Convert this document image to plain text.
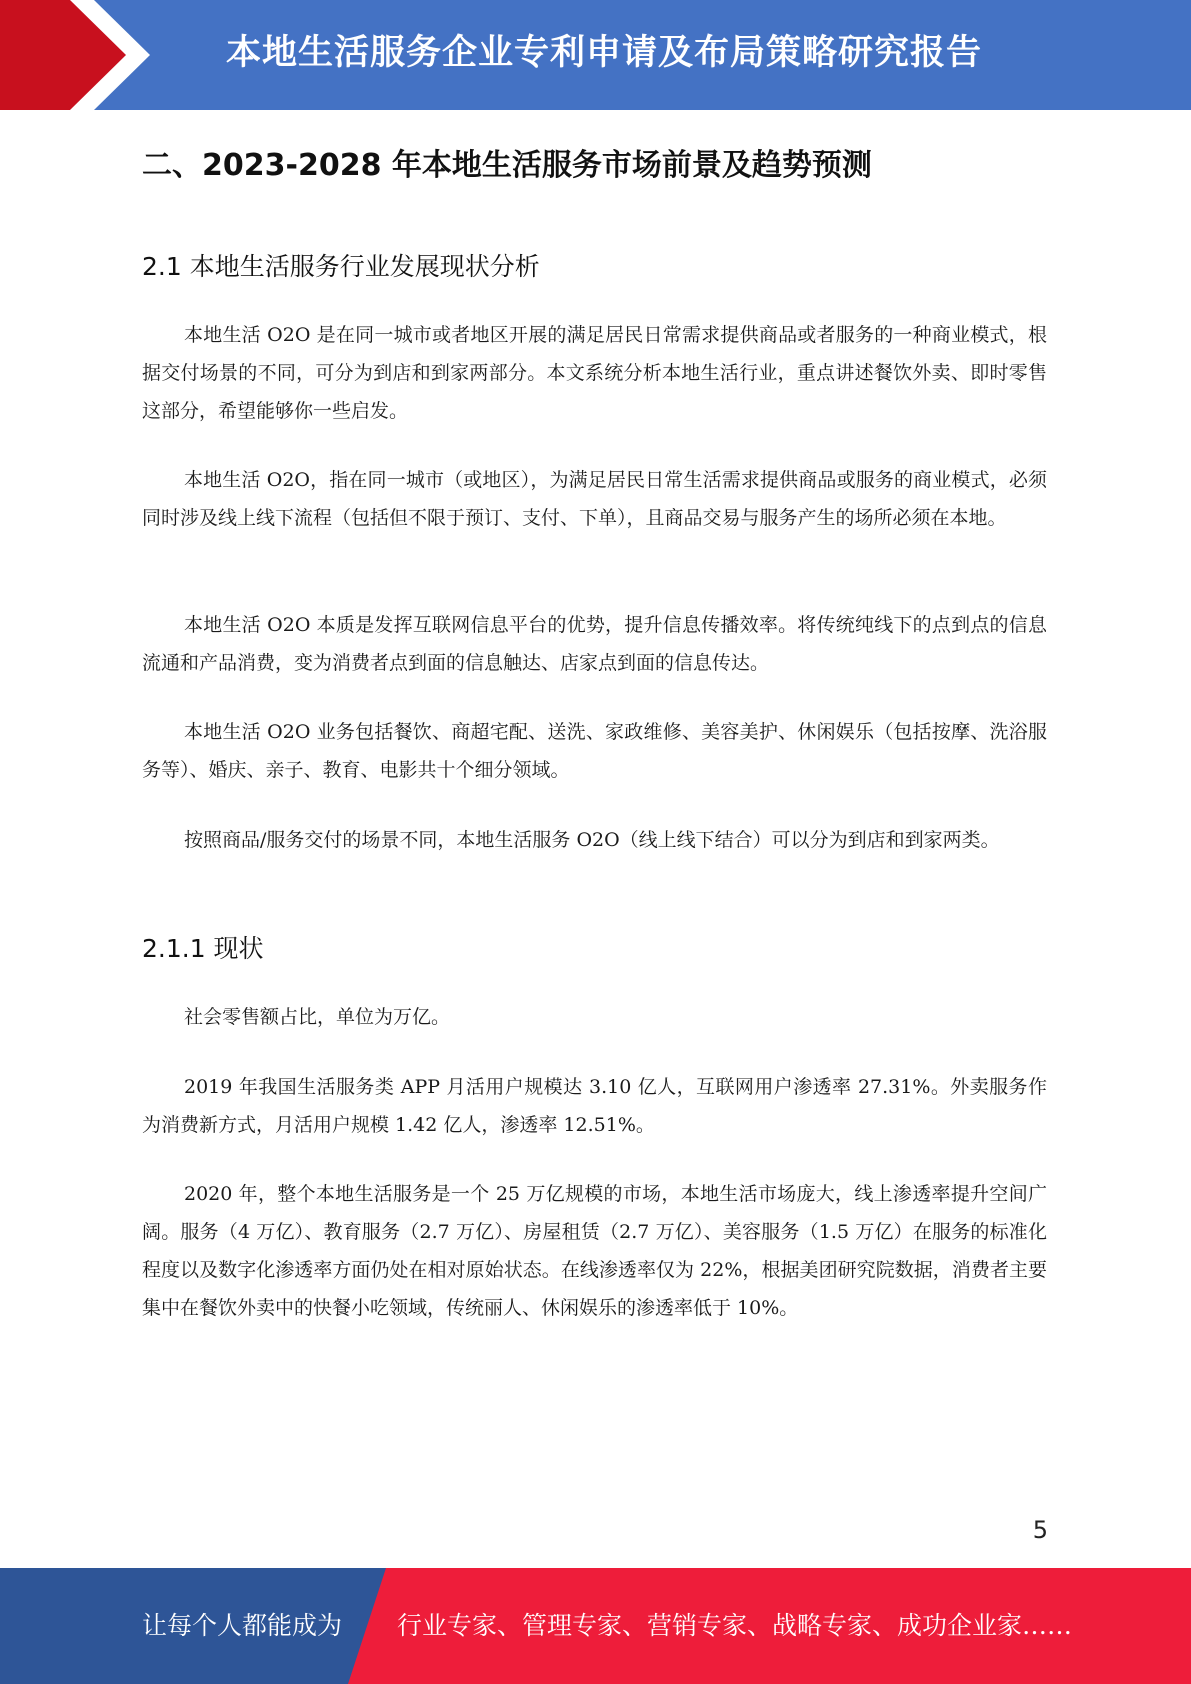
本地生活服务企业专利申请及布局策略研究报告
二、2023-2028 年本地生活服务市场前景及趋势预测
2.1 本地生活服务行业发展现状分析

本地生活 O2O 是在同一城市或者地区开展的满足居民日常需求提供商品或者服务的一种商业模式，根据交付场景的不同，可分为到店和到家两部分。本文系统分析本地生活行业，重点讲述餐饮外卖、即时零售这部分，希望能够你一些启发。

本地生活 O2O，指在同一城市（或地区），为满足居民日常生活需求提供商品或服务的商业模式，必须同时涉及线上线下流程（包括但不限于预订、支付、下单），且商品交易与服务产生的场所必须在本地。

本地生活 O2O 本质是发挥互联网信息平台的优势，提升信息传播效率。将传统纯线下的点到点的信息流通和产品消费，变为消费者点到面的信息触达、店家点到面的信息传达。

本地生活 O2O 业务包括餐饮、商超宅配、送洗、家政维修、美容美护、休闲娱乐（包括按摩、洗浴服务等）、婚庆、亲子、教育、电影共十个细分领域。

按照商品/服务交付的场景不同，本地生活服务 O2O（线上线下结合）可以分为到店和到家两类。

2.1.1 现状

社会零售额占比，单位为万亿。

2019 年我国生活服务类 APP 月活用户规模达 3.10 亿人，互联网用户渗透率 27.31%。外卖服务作为消费新方式，月活用户规模 1.42 亿人，渗透率 12.51%。

2020 年，整个本地生活服务是一个 25 万亿规模的市场，本地生活市场庞大，线上渗透率提升空间广阔。服务（4 万亿）、教育服务（2.7 万亿）、房屋租赁（2.7 万亿）、美容服务（1.5 万亿）在服务的标准化程度以及数字化渗透率方面仍处在相对原始状态。在线渗透率仅为 22%，根据美团研究院数据，消费者主要集中在餐饮外卖中的快餐小吃领域，传统丽人、休闲娱乐的渗透率低于 10%。

5
让每个人都能成为 行业专家、管理专家、营销专家、战略专家、成功企业家……
